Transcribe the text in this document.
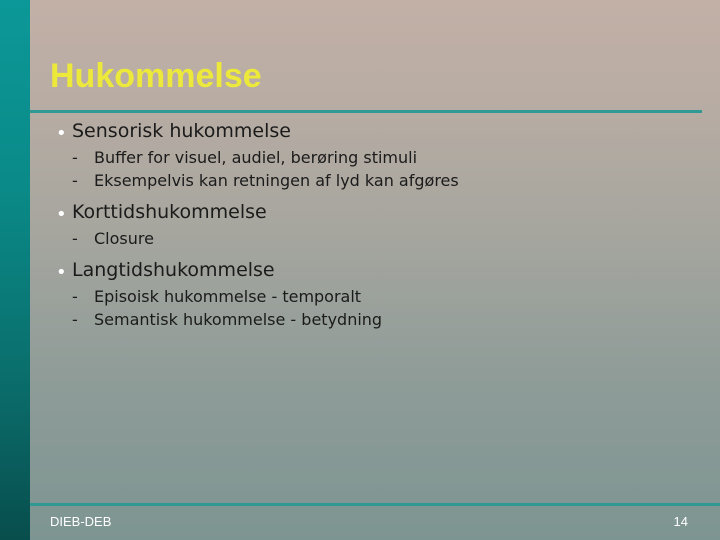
Hukommelse
• Sensorisk hukommelse
- Buffer for visuel, audiel, berøring stimuli
- Eksempelvis kan retningen af lyd kan afgøres
• Korttidshukommelse
- Closure
• Langtidshukommelse
- Episoisk hukommelse - temporalt
- Semantisk hukommelse - betydning
DIEB-DEB	14
